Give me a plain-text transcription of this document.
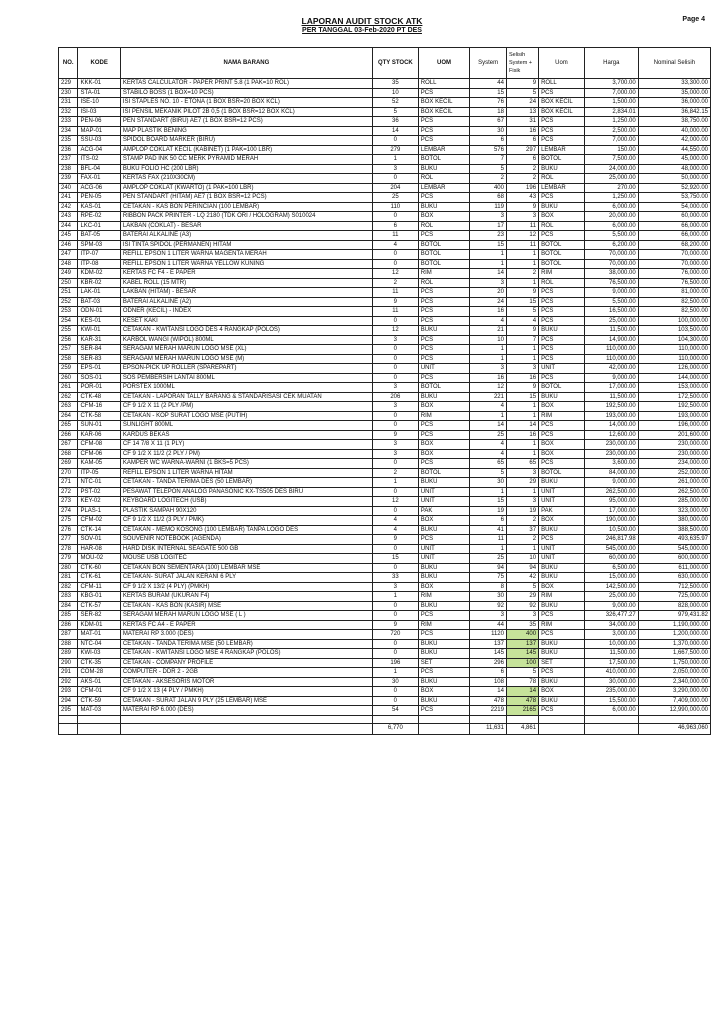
Page 4
LAPORAN AUDIT STOCK ATK
PER TANGGAL 03-Feb-2020 PT DES
NO.	KODE	NAMA BARANG	QTY STOCK	UOM	System	Selisih System + Fisik	Uom	Harga	Nominal Selisih
229	KKK-01	KERTAS CALCULATOR - PAPER PRINT 5.8 (1 PAK=10 ROL)	35	ROLL	44	9	ROLL	3,700.00	33,300.00
230	STA-01	STABILO BOSS (1 BOX=10 PCS)	10	PCS	15	5	PCS	7,000.00	35,000.00
231	ISE-10	ISI STAPLES NO. 10 - ETONA (1 BOX BSR=20 BOX KCL)	52	BOX KECIL	76	24	BOX KECIL	1,500.00	36,000.00
232	ISI-03	ISI PENSIL MEKANIK PILOT 2B 0,5 (1 BOX BSR=12 BOX KCL)	5	BOX KECIL	18	13	BOX KECIL	2,834.01	36,842.15
233	PEN-06	PEN STANDART (BIRU) AE7 (1 BOX BSR=12 PCS)	36	PCS	67	31	PCS	1,250.00	38,750.00
234	MAP-01	MAP PLASTIK BENING	14	PCS	30	16	PCS	2,500.00	40,000.00
235	SSU-03	SPIDOL BOARD MARKER (BIRU)	0	PCS	6	6	PCS	7,000.00	42,000.00
236	ACG-04	AMPLOP COKLAT KECIL (KABINET) (1 PAK=100 LBR)	279	LEMBAR	576	297	LEMBAR	150.00	44,550.00
237	ITS-02	STAMP PAD INK 50 CC MERK PYRAMID MERAH	1	BOTOL	7	6	BOTOL	7,500.00	45,000.00
238	BFL-04	BUKU FOLIO HC (200 LBR)	3	BUKU	5	2	BUKU	24,000.00	48,000.00
239	FAX-01	KERTAS FAX (210X30CM)	0	ROL	2	2	ROL	25,000.00	50,000.00
240	ACG-06	AMPLOP COKLAT (KWARTO) (1 PAK=100 LBR)	204	LEMBAR	400	196	LEMBAR	270.00	52,920.00
241	PEN-05	PEN STANDART (HITAM) AE7 (1 BOX BSR=12 PCS)	25	PCS	68	43	PCS	1,250.00	53,750.00
242	KAS-01	CETAKAN - KAS BON PERINCIAN (100 LEMBAR)	110	BUKU	119	9	BUKU	6,000.00	54,000.00
243	RPE-02	RIBBON PACK PRINTER - LQ 2180 (TDK ORI / HOLOGRAM) S010024	0	BOX	3	3	BOX	20,000.00	60,000.00
244	LKC-01	LAKBAN (COKLAT) - BESAR	6	ROL	17	11	ROL	6,000.00	66,000.00
245	BAT-05	BATERAI ALKALINE (A3)	11	PCS	23	12	PCS	5,500.00	66,000.00
246	SPM-03	ISI TINTA SPIDOL (PERMANEN) HITAM	4	BOTOL	15	11	BOTOL	6,200.00	68,200.00
247	ITP-07	REFILL EPSON 1 LITER WARNA MAGENTA MERAH	0	BOTOL	1	1	BOTOL	70,000.00	70,000.00
248	ITP-08	REFILL EPSON 1 LITER WARNA YELLOW KUNING	0	BOTOL	1	1	BOTOL	70,000.00	70,000.00
249	KDM-02	KERTAS FC F4 - E PAPER	12	RIM	14	2	RIM	38,000.00	76,000.00
250	KBR-02	KABEL ROLL (15 MTR)	2	ROL	3	1	ROL	76,500.00	76,500.00
251	LAK-01	LAKBAN (HITAM) - BESAR	11	PCS	20	9	PCS	9,000.00	81,000.00
252	BAT-03	BATERAI ALKALINE (A2)	9	PCS	24	15	PCS	5,500.00	82,500.00
253	ODN-01	ODNER (KECIL) - INDEX	11	PCS	16	5	PCS	16,500.00	82,500.00
254	KES-01	KESET KAKI	0	PCS	4	4	PCS	25,000.00	100,000.00
255	KWI-01	CETAKAN - KWITANSI LOGO DES 4 RANGKAP (POLOS)	12	BUKU	21	9	BUKU	11,500.00	103,500.00
256	KAR-31	KARBOL WANGI (WIPOL) 800ML	3	PCS	10	7	PCS	14,900.00	104,300.00
257	SER-84	SERAGAM MERAH MARUN LOGO MSE (XL)	0	PCS	1	1	PCS	110,000.00	110,000.00
258	SER-83	SERAGAM MERAH MARUN LOGO MSE (M)	0	PCS	1	1	PCS	110,000.00	110,000.00
259	EPS-01	EPSON-PICK UP ROLLER (SPAREPART)	0	UNIT	3	3	UNIT	42,000.00	126,000.00
260	SOS-01	SOS PEMBERSIH LANTAI 800ML	0	PCS	16	16	PCS	9,000.00	144,000.00
261	POR-01	PORSTEX 1000ML	3	BOTOL	12	9	BOTOL	17,000.00	153,000.00
262	CTK-48	CETAKAN - LAPORAN TALLY BARANG & STANDARISASI CEK MUATAN	206	BUKU	221	15	BUKU	11,500.00	172,500.00
263	CFM-16	CF 9 1/2 X 11 (2 PLY /PM)	3	BOX	4	1	BOX	192,500.00	192,500.00
264	CTK-58	CETAKAN - KOP SURAT LOGO MSE (PUTIH)	0	RIM	1	1	RIM	193,000.00	193,000.00
265	SUN-01	SUNLIGHT 800ML	0	PCS	14	14	PCS	14,000.00	196,000.00
266	KAR-06	KARDUS BEKAS	9	PCS	25	16	PCS	12,600.00	201,600.00
267	CFM-08	CF 14 7/8 X 11 (1 PLY)	3	BOX	4	1	BOX	230,000.00	230,000.00
268	CFM-06	CF 9 1/2 X 11/2 (2 PLY / PM)	3	BOX	4	1	BOX	230,000.00	230,000.00
269	KAM-05	KAMPER WC WARNA-WARNI (1 BKS=5 PCS)	0	PCS	65	65	PCS	3,600.00	234,000.00
270	ITP-05	REFILL EPSON 1 LITER WARNA HITAM	2	BOTOL	5	3	BOTOL	84,000.00	252,000.00
271	NTC-01	CETAKAN - TANDA TERIMA DES (50 LEMBAR)	1	BUKU	30	29	BUKU	9,000.00	261,000.00
272	PST-02	PESAWAT TELEPON ANALOG PANASONIC KX-TS505 DES BIRU	0	UNIT	1	1	UNIT	262,500.00	262,500.00
273	KEY-02	KEYBOARD LOGITECH (USB)	12	UNIT	15	3	UNIT	95,000.00	285,000.00
274	PLAS-1	PLASTIK SAMPAH 90X120	0	PAK	19	19	PAK	17,000.00	323,000.00
275	CFM-02	CF 9 1/2 X 11/2 (3 PLY / PMK)	4	BOX	6	2	BOX	190,000.00	380,000.00
276	CTK-14	CETAKAN - MEMO KOSONG (100 LEMBAR) TANPA LOGO DES	4	BUKU	41	37	BUKU	10,500.00	388,500.00
277	SOV-01	SOUVENIR NOTEBOOK (AGENDA)	9	PCS	11	2	PCS	246,817.98	493,635.97
278	HAR-08	HARD DISK INTERNAL SEAGATE 500 GB	0	UNIT	1	1	UNIT	545,000.00	545,000.00
279	MOU-02	MOUSE USB LOGITEC	15	UNIT	25	10	UNIT	60,000.00	600,000.00
280	CTK-60	CETAKAN BON SEMENTARA (100) LEMBAR MSE	0	BUKU	94	94	BUKU	6,500.00	611,000.00
281	CTK-61	CETAKAN- SURAT JALAN KERANI 6 PLY	33	BUKU	75	42	BUKU	15,000.00	630,000.00
282	CFM-11	CF 9 1/2 X 13/2 (4 PLY) (PMKH)	3	BOX	8	5	BOX	142,500.00	712,500.00
283	KBG-01	KERTAS BURAM (UKURAN F4)	1	RIM	30	29	RIM	25,000.00	725,000.00
284	CTK-57	CETAKAN - KAS BON (KASIR) MSE	0	BUKU	92	92	BUKU	9,000.00	828,000.00
285	SER-82	SERAGAM MERAH MARUN LOGO MSE ( L )	0	PCS	3	3	PCS	326,477.27	979,431.82
286	KDM-01	KERTAS FC A4 - E PAPER	9	RIM	44	35	RIM	34,000.00	1,190,000.00
287	MAT-01	MATERAI RP 3.000 (DES)	720	PCS	1120	400	PCS	3,000.00	1,200,000.00
288	NTC-04	CETAKAN - TANDA TERIMA MSE (50 LEMBAR)	0	BUKU	137	137	BUKU	10,000.00	1,370,000.00
289	KWI-03	CETAKAN - KWITANSI LOGO MSE 4 RANGKAP (POLOS)	0	BUKU	145	145	BUKU	11,500.00	1,667,500.00
290	CTK-35	CETAKAN - COMPANY PROFILE	196	SET	296	100	SET	17,500.00	1,750,000.00
291	COM-28	COMPUTER - DDR 2 - 2GB	1	PCS	6	5	PCS	410,000.00	2,050,000.00
292	AKS-01	CETAKAN - AKSESORIS MOTOR	30	BUKU	108	78	BUKU	30,000.00	2,340,000.00
293	CFM-01	CF 9 1/2 X 13 (4 PLY / PMKH)	0	BOX	14	14	BOX	235,000.00	3,290,000.00
294	CTK-59	CETAKAN - SURAT JALAN 9 PLY (25 LEMBAR) MSE	0	BUKU	478	478	BUKU	15,500.00	7,409,000.00
295	MAT-03	MATERAI RP 6.000 (DES)	54	PCS	2219	2165	PCS	6,000.00	12,990,000.00

			6,770		11,631	4,861			46,963,060
